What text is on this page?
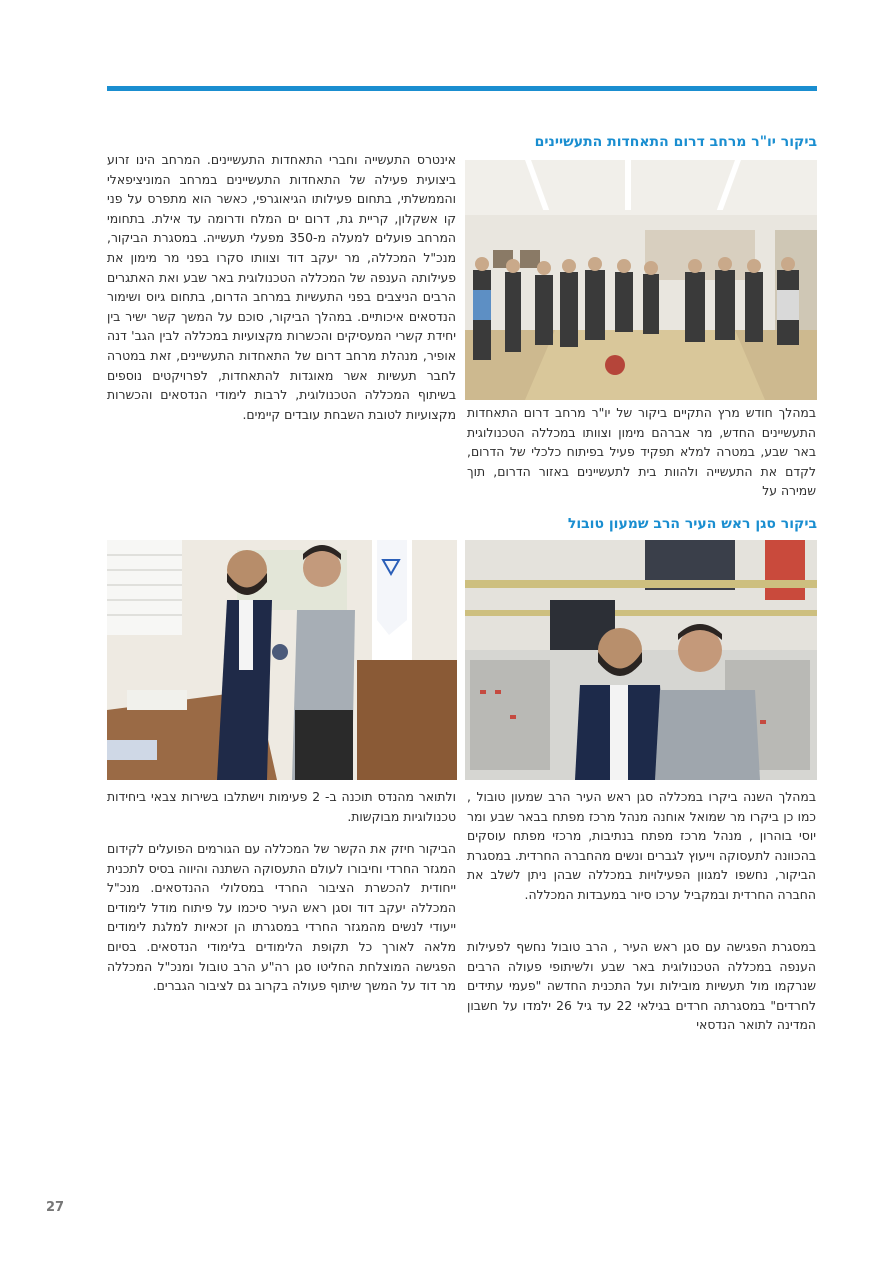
ביקור יו"ר מרחב דרום התאחדות התעשיינים

במהלך חודש מרץ התקיים ביקור של יו"ר מרחב דרום התאחדות התעשיינים החדש, מר אברהם מימון וצוותו במכללה הטכנולוגית באר שבע, במטרה למלא תפקיד פעיל בפיתוח כלכלי של הדרום, לקדם את התעשייה ולהוות בית לתעשיינים באזור הדרום, תוך שמירה על

אינטרס התעשייה וחברי התאחדות התעשיינים. המרחב הינו זרוע ביצועית פעילה של התאחדות התעשיינים במרחב המוניציפאלי והממשלתי, בתחום פעילותו הגיאוגרפי, כאשר הוא מתפרס על פני קו אשקלון, קריית גת, דרום ים המלח ודרומה עד אילת. בתחומי המרחב פועלים למעלה מ-350 מפעלי תעשייה. במסגרת הביקור, מנכ"ל המכללה, מר יעקב דוד וצוותו סקרו בפני מר מימון את פעילותה הענפה של המכללה הטכנולוגית באר שבע ואת האתגרים הרבים הניצבים בפני התעשיות במרחב הדרום, בתחום גיוס ושימור הנדסאים איכותיים. במהלך הביקור, סוכם על המשך קשר ישיר בין יחידת קשרי המעסיקים והכשרות מקצועיות במכללה לבין הגב' דנה אופיר, מנהלת מרחב דרום של התאחדות התעשיינים, זאת במטרה לחבר תעשיות אשר מאוגדות להתאחדות, לפרויקטים נוספים בשיתוף המכללה הטכנולוגית, לרבות לימודי הנדסאים והכשרות מקצועיות לטובת השבחת עובדים קיימים.

ביקור סגן ראש העיר הרב שמעון טובול

במהלך השנה ביקרו במכללה סגן ראש העיר הרב שמעון טובול , כמו כן ביקרו מר שמואל אוחנה מנהל מרכז מפתח בבאר שבע ומר יוסי בוהרון , מנהל מרכז מפתח בנתיבות, מרכזי מפתח עוסקים בהכוונה לתעסוקה וייעוץ לגברים ונשים מהחברה החרדית. במסגרת הביקור, נחשפו למגוון הפעילויות במכללה שבהן ניתן לשלב את החברה החרדית ובמקביל ערכו סיור במעבדות המכללה.

במסגרת הפגישה עם סגן ראש העיר , הרב טובול נחשף לפעילות הענפה במכללה הטכנולוגית באר שבע ולשיתופי פעולה הרבים שנרקמו מול תעשיות מובילות ועל התכנית החדשה "פעמי עתידים לחרדים" במסגרתה חרדים בגילאי 22 עד גיל 26 ילמדו על חשבון המדינה לתואר הנדסאי

ולתואר מהנדס תוכנה ב- 2 פעימות וישתלבו בשירות צבאי ביחידות טכנולוגיות מבוקשות.

הביקור חיזק את הקשר של המכללה עם הגורמים הפועלים לקידום המגזר החרדי וחיבורו לעולם התעסוקה השתנה והיווה בסיס לתכנית ייחודית להכשרת הציבור החרדי במסלולי ההנדסאים. מנכ"ל המכללה יעקב דוד וסגן ראש העיר סיכמו על פיתוח מודל לימודים ייעודי לנשים מהמגזר החרדי במסגרתו הן זכאיות למלגת לימודים מלאה לאורך כל תקופת הלימודים בלימודי הנדסאים. בסיום הפגישה המוצלחת החליטו סגן רה"ע הרב טובול ומנכ"ל המכללה מר דוד על המשך שיתוף פעולה בקרוב גם לציבור הגברים.

27
